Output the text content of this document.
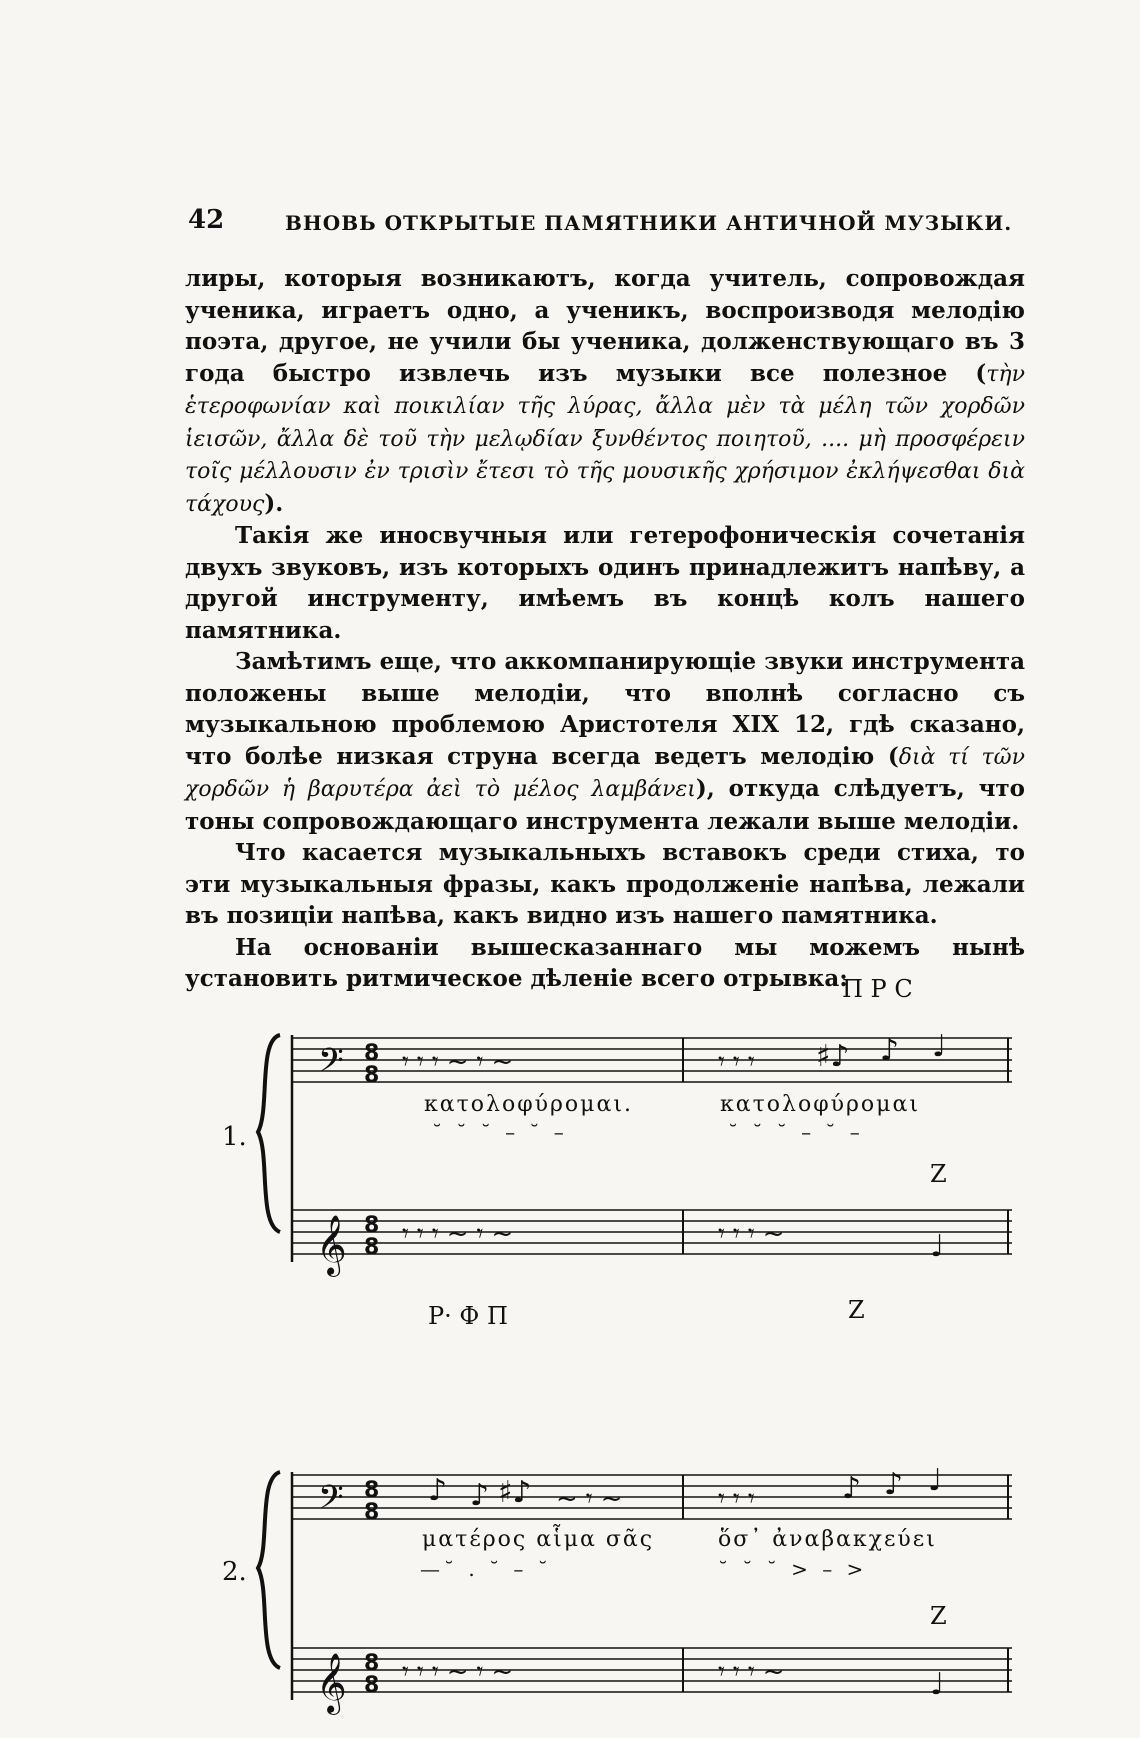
42	ВНОВЬ ОТКРЫТЫЕ ПАМЯТНИКИ АНТИЧНОЙ МУЗЫКИ.

лиры, которыя возникаютъ, когда учитель, сопровождая ученика, играетъ одно, а ученикъ, воспроизводя мелодію поэта, другое, не учили бы ученика, долженствующаго въ 3 года быстро извлечь изъ музыки все полезное (τὴν ἑτεροφωνίαν καὶ ποικιλίαν τῆς λύρας, ἄλλα μὲν τὰ μέλη τῶν χορδῶν ἱεισῶν, ἄλλα δὲ τοῦ τὴν μελῳδίαν ξυνθέντος ποιητοῦ, .... μὴ προσφέρειν τοῖς μέλλουσιν ἐν τρισὶν ἔτεσι τὸ τῆς μουσικῆς χρήσιμον ἐκλήψεσθαι διὰ τάχους).

Такія же иносвучныя или гетерофоническія сочетанія двухъ звуковъ, изъ которыхъ одинъ принадлежитъ напѣву, а другой инструменту, имѣемъ въ концѣ колъ нашего памятника.

Замѣтимъ еще, что аккомпанирующіе звуки инструмента положены выше мелодіи, что вполнѣ согласно съ музыкальною проблемою Аристотеля XIX 12, гдѣ сказано, что болѣе низкая струна всегда ведетъ мелодію (διὰ τί τῶν χορδῶν ἡ βαρυτέρα ἀεὶ τὸ μέλος λαμβάνει), откуда слѣдуетъ, что тоны сопровождающаго инструмента лежали выше мелодіи.

Что касается музыкальныхъ вставокъ среди стиха, то эти музыкальныя фразы, какъ продолженіе напѣва, лежали въ позиціи напѣва, какъ видно изъ нашего памятника.

На основаніи вышесказаннаго мы можемъ нынѣ установить ритмическое дѣленіе всего отрывка:

1.
П Р С
Z
κατολοφύρομαι.	κατολοφύρομαι
˘ ˘ ˘ – ˘ –	˘ ˘ ˘ – ˘ –
2.
Р· Ф П	Z
Z
ματέρος αἷμα σᾶς	ὅσ᾽ ἀναβακχεύει
—˘ . ˘ – ˘	˘ ˘ ˘ > – >
𝄢 8
8 𝄾𝄾𝄾~𝄾~	𝄾𝄾𝄾 ♯♪ ♪ ♩
𝄞 8
8 𝄾𝄾𝄾~𝄾~	𝄾𝄾𝄾~	♩
𝄢 8
8
♪ ♪ ♯♪ ~𝄾~	𝄾𝄾𝄾	♪ ♪ ♩
𝄞 8
8 𝄾𝄾𝄾~𝄾~	𝄾𝄾𝄾~	♩
